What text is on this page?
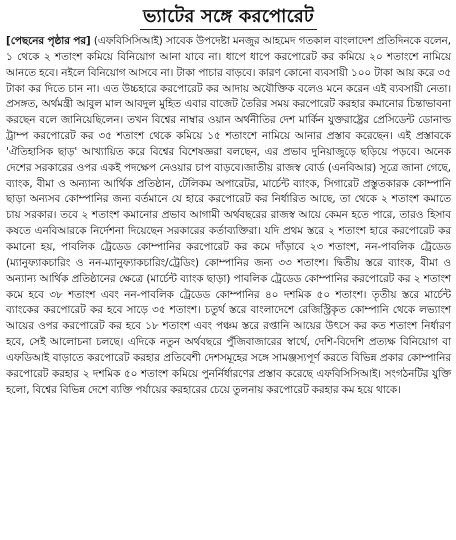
ভ্যাটের সঙ্গে করপোরেট

[পেছনের পৃষ্ঠার পর] (এফবিসিসিআই) সাবেক উপদেষ্টা মনজুর আহমেদ গতকাল বাংলাদেশ প্রতিদিনকে বলেন, ১ থেকে ২ শতাংশ কমিয়ে বিনিয়োগ আনা যাবে না। ধাপে ধাপে করপোরেট কর কমিয়ে ২০ শতাংশে নামিয়ে আনতে হবে। নইলে বিনিয়োগ আসবে না। টাকা পাচার বাড়বে। কারণ কোনো ব্যবসায়ী ১০০ টাকা আয় করে ৩৫ টাকা কর দিতে চান না। এত উচ্চহারে করপোরেট কর আদায় অযৌক্তিক বলেও মনে করেন এই ব্যবসায়ী নেতা। প্রসঙ্গত, অর্থমন্ত্রী আবুল মাল আবদুল মুহিত এবার বাজেট তৈরির সময় করপোরেট করহার কমানোর চিন্তাভাবনা করছেন বলে জানিয়েছিলেন। তখন বিশ্বের নাম্বার ওয়ান অর্থনীতির দেশ মার্কিন যুক্তরাষ্ট্রের প্রেসিডেন্ট ডোনাল্ড ট্রাম্প করপোরেট কর ৩৫ শতাংশ থেকে কমিয়ে ১৫ শতাংশে নামিয়ে আনার প্রস্তাব করেছেন। এই প্রস্তাবকে 'ঐতিহাসিক ছাড়' আখ্যায়িত করে বিশ্বের বিশেষজ্ঞরা বলছেন, এর প্রভাব দুনিয়াজুড়ে ছড়িয়ে পড়বে। অনেক দেশের সরকারের ওপর একই পদক্ষেপ নেওয়ার চাপ বাড়বে।জাতীয় রাজস্ব বোর্ড (এনবিআর) সূত্রে জানা গেছে, ব্যাংক, বীমা ও অন্যান্য আর্থিক প্রতিষ্ঠান, টেলিকম অপারেটর, মার্চেন্ট ব্যাংক, সিগারেট প্রস্তুতকারক কোম্পানি ছাড়া অন্যসব কোম্পানির জন্য বর্তমানে যে হারে করপোরেট কর নির্ধারিত আছে, তা থেকে ২ শতাংশ কমাতে চায় সরকার। তবে ২ শতাংশ কমানোর প্রভাব আগামী অর্থবছরের রাজস্ব আয়ে কেমন হতে পারে, তারও হিসাব কষতে এনবিআরকে নির্দেশনা দিয়েছেন সরকারের কর্তাব্যক্তিরা। যদি প্রথম স্তরে ২ শতাংশ হারে করপোরেট কর কমানো হয়, পাবলিক ট্রেডেড কোম্পানির করপোরেট কর কমে দাঁড়াবে ২৩ শতাংশ, নন-পাবলিক ট্রেডেড (ম্যানুফ্যাকচারিং ও নন-ম্যানুফ্যাকচারিং/ট্রেডিং) কোম্পানির জন্য ৩৩ শতাংশ। দ্বিতীয় স্তরে ব্যাংক, বীমা ও অন্যান্য আর্থিক প্রতিষ্ঠানের ক্ষেত্রে (মার্চেন্ট ব্যাংক ছাড়া) পাবলিক ট্রেডেড কোম্পানির করপোরেট কর ২ শতাংশ কমে হবে ৩৮ শতাংশ এবং নন-পাবলিক ট্রেডেড কোম্পানির ৪০ দশমিক ৫০ শতাংশ। তৃতীয় স্তরে মার্চেন্ট ব্যাংকের করপোরেট কর হবে সাড়ে ৩৫ শতাংশ। চতুর্থ স্তরে বাংলাদেশে রেজিস্ট্রিকৃত কোম্পানি থেকে লভ্যাংশ আয়ের ওপর করপোরেট কর হবে ১৮ শতাংশ এবং পঞ্চম স্তরে রপ্তানি আয়ের উৎসে কর কত শতাংশ নির্ধারণ হবে, সেই আলোচনা চলছে। এদিকে নতুন অর্থবছরে পুঁজিবাজারের স্বার্থে, দেশি-বিদেশি প্রত্যক্ষ বিনিয়োগ বা এফডিআই বাড়াতে করপোরেট করহার প্রতিবেশী দেশসমূহের সঙ্গে সামঞ্জস্যপূর্ণ করতে বিভিন্ন প্রকার কোম্পানির করপোরেট করহার ২ দশমিক ৫০ শতাংশ কমিয়ে পুনর্নির্ধারণের প্রস্তাব করেছে এফবিসিসিআই। সংগঠনটির যুক্তি হলো, বিশ্বের বিভিন্ন দেশে ব্যক্তি পর্যায়ের করহারের চেয়ে তুলনায় করপোরেট করহার কম হয়ে থাকে।
